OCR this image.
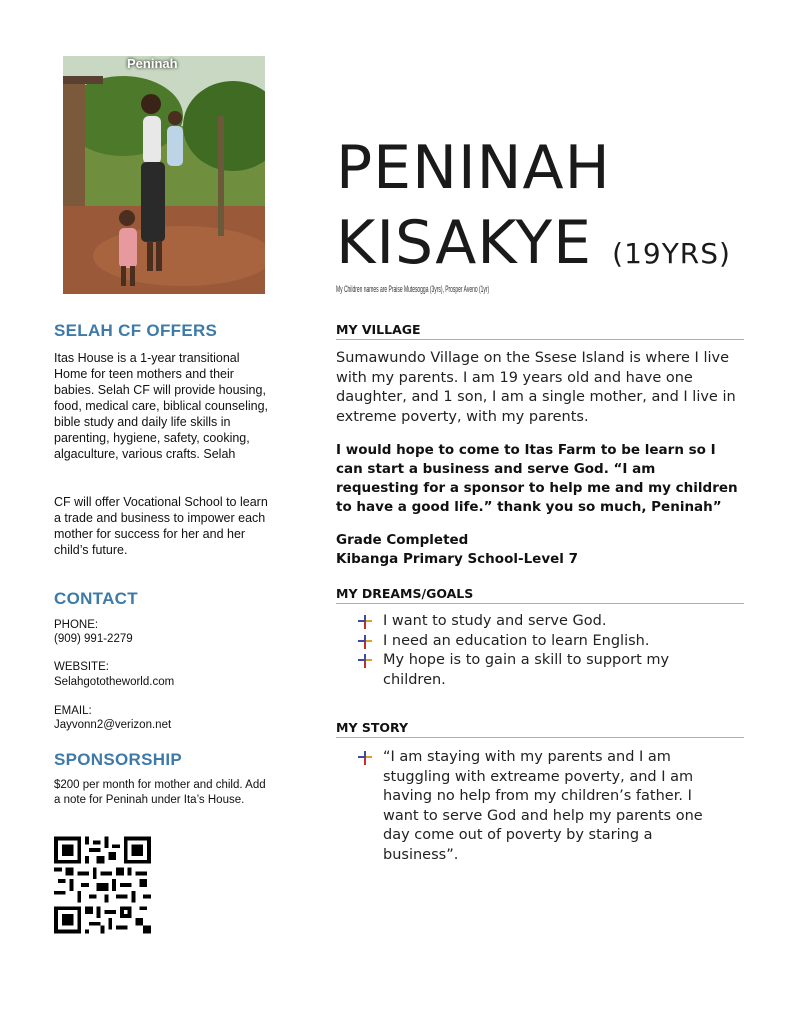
Peninah
PENINAH
KISAKYE (19YRS)
My Children names are Praise Mutesogga (3yrs), Prosper Aveno (1yr)
SELAH CF OFFERS
Itas House is a 1-year transitional Home for teen mothers and their babies. Selah CF will provide housing, food, medical care, biblical counseling, bible study and daily life skills in parenting, hygiene, safety, cooking, algaculture, various crafts. Selah
CF will offer Vocational School to learn a trade and business to impower each mother for success for her and her child’s future.
CONTACT
PHONE:
(909) 991-2279
WEBSITE:
Selahgototheworld.com
EMAIL:
Jayvonn2@verizon.net
SPONSORSHIP
$200 per month for mother and child. Add a note for Peninah under Ita’s House.
MY VILLAGE
Sumawundo Village on the Ssese Island is where I live with my parents. I am 19 years old and have one daughter, and 1 son, I am a single mother, and I live in extreme poverty, with my parents.
I would hope to come to Itas Farm to be learn so I can start a business and serve God. “I am requesting for a sponsor to help me and my children to have a good life.” thank you so much, Peninah”
Grade Completed
Kibanga Primary School-Level 7
MY DREAMS/GOALS
I want to study and serve God.
I need an education to learn English.
My hope is to gain a skill to support my children.
MY STORY
“I am staying with my parents and I am stuggling with extreame poverty, and I am having no help from my children’s father. I want to serve God and help my parents one day come out of poverty by staring a business”.
